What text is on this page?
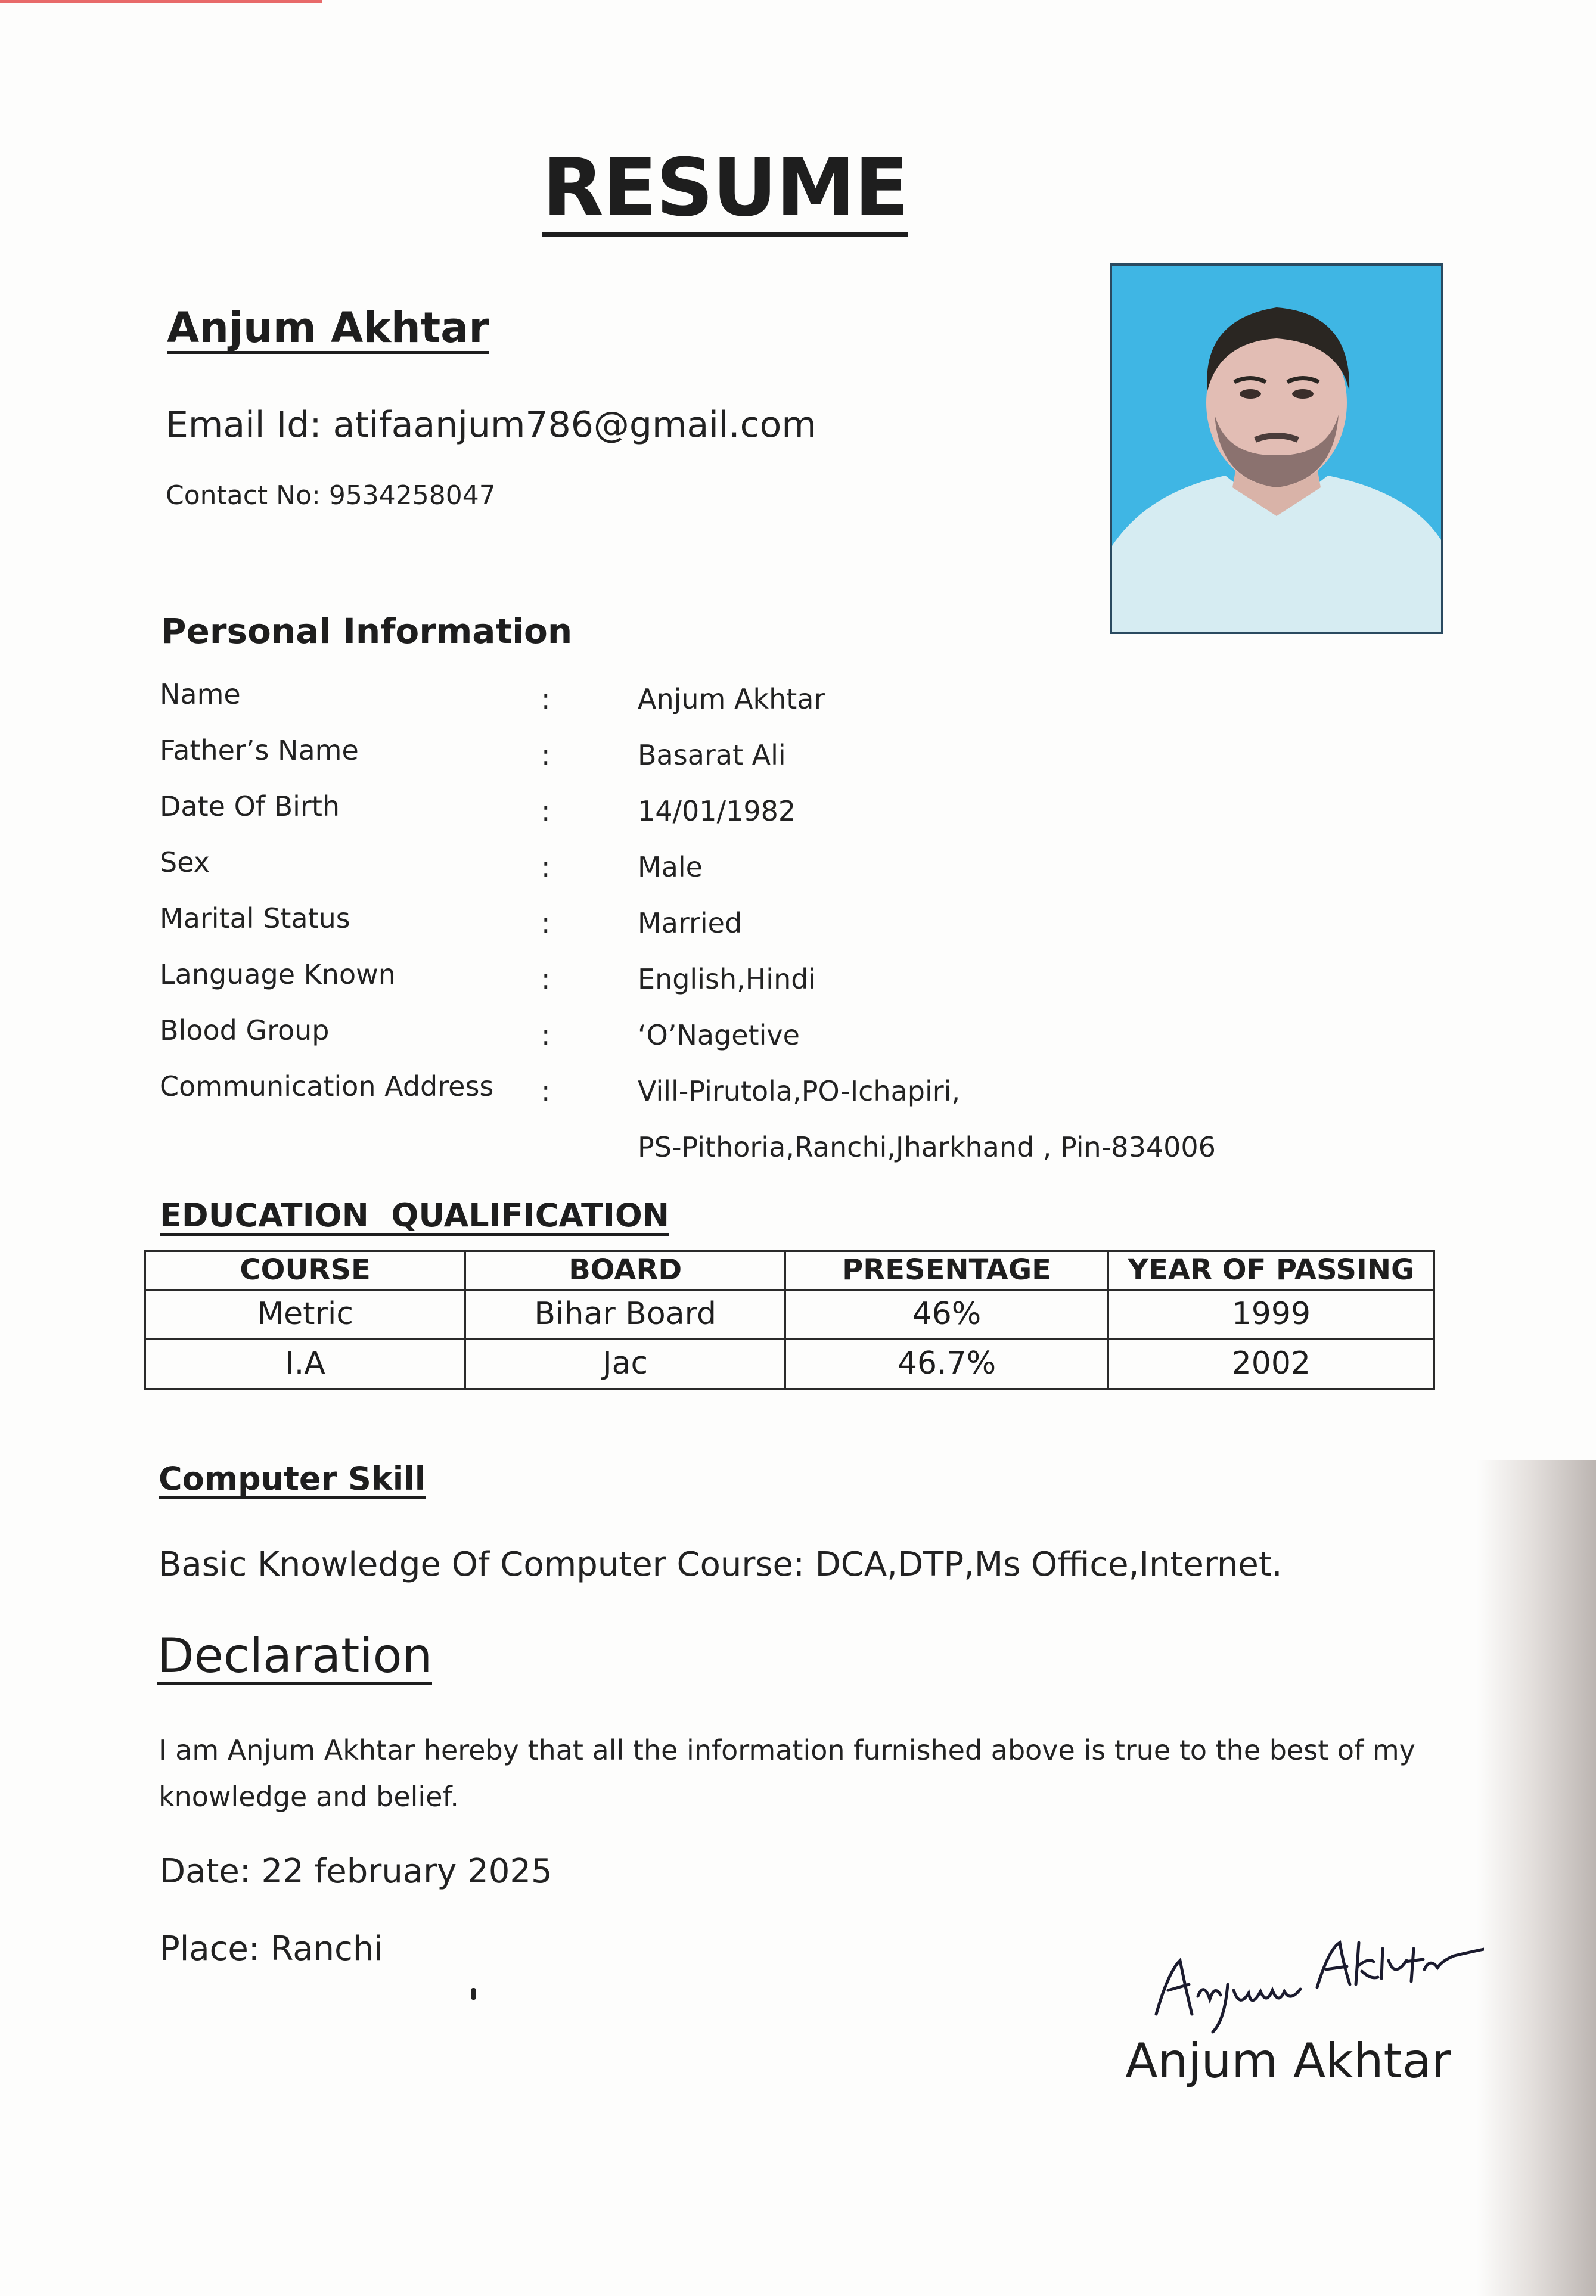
RESUME
Anjum Akhtar
Email Id: atifaanjum786@gmail.com
Contact No: 9534258047
Personal Information
Name	:	Anjum Akhtar
Father’s Name	:	Basarat Ali
Date Of Birth	:	14/01/1982
Sex	:	Male
Marital Status	:	Married
Language Known	:	English,Hindi
Blood Group	:	‘O’Nagetive
Communication Address :	Vill-Pirutola,PO-Ichapiri,
PS-Pithoria,Ranchi,Jharkhand , Pin-834006
EDUCATION  QUALIFICATION
COURSE	BOARD	PRESENTAGE	YEAR OF PASSING
Metric	Bihar Board	46%	1999
I.A	Jac	46.7%	2002
Computer Skill
Basic Knowledge Of Computer Course: DCA,DTP,Ms Office,Internet.
Declaration
I am Anjum Akhtar hereby that all the information furnished above is true to the best of my knowledge and belief.
Date: 22 february 2025
Place: Ranchi
Anjum Akhtar
